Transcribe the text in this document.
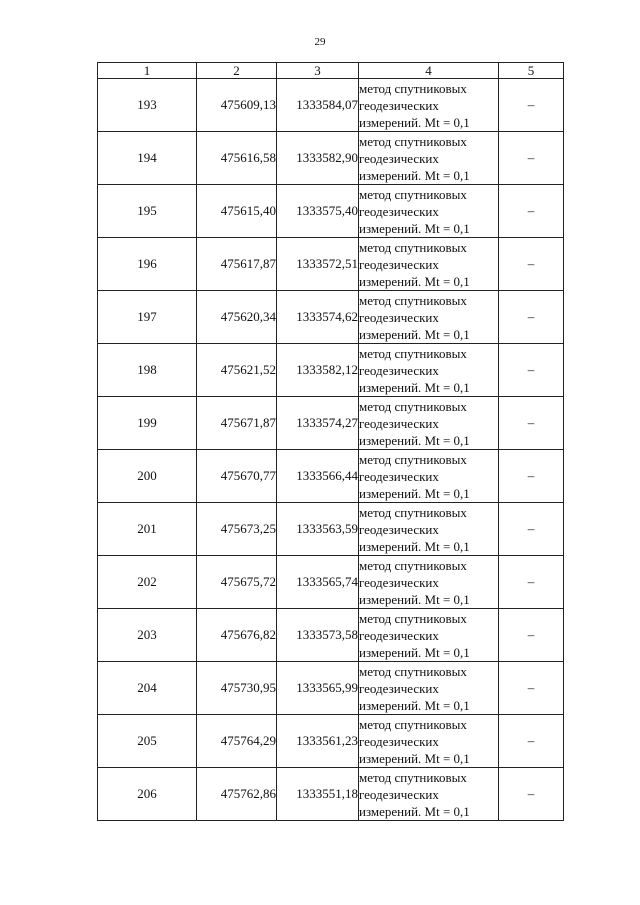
29
1	2	3	4	5
193	475609,13	1333584,07	метод спутниковых
геодезических
измерений. Mt = 0,1	–
194	475616,58	1333582,90	метод спутниковых
геодезических
измерений. Mt = 0,1	–
195	475615,40	1333575,40	метод спутниковых
геодезических
измерений. Mt = 0,1	–
196	475617,87	1333572,51	метод спутниковых
геодезических
измерений. Mt = 0,1	–
197	475620,34	1333574,62	метод спутниковых
геодезических
измерений. Mt = 0,1	–
198	475621,52	1333582,12	метод спутниковых
геодезических
измерений. Mt = 0,1	–
199	475671,87	1333574,27	метод спутниковых
геодезических
измерений. Mt = 0,1	–
200	475670,77	1333566,44	метод спутниковых
геодезических
измерений. Mt = 0,1	–
201	475673,25	1333563,59	метод спутниковых
геодезических
измерений. Mt = 0,1	–
202	475675,72	1333565,74	метод спутниковых
геодезических
измерений. Mt = 0,1	–
203	475676,82	1333573,58	метод спутниковых
геодезических
измерений. Mt = 0,1	–
204	475730,95	1333565,99	метод спутниковых
геодезических
измерений. Mt = 0,1	–
205	475764,29	1333561,23	метод спутниковых
геодезических
измерений. Mt = 0,1	–
206	475762,86	1333551,18	метод спутниковых
геодезических
измерений. Mt = 0,1	–
